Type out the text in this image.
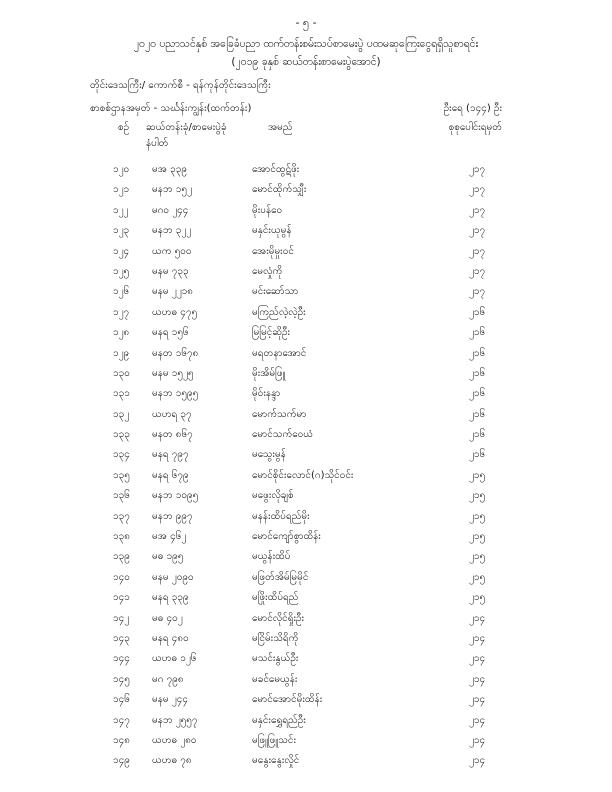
- ၅ -
၂၀၂၀ ပညာသင်နှစ် အခြေခံပညာ ထက်တန်းစမ်းသပ်စာမေးပွဲ ပထမဆုကြေးငွေရရှိသူစာရင်း
(၂၀၁၉ ခုနှစ် ဆယ်တန်းစာမေးပွဲအောင်)
တိုင်းဒေသကြီး/ ကောက်စီ - ရန်ကုန်တိုင်းဒေသကြီး
စာစစ်ဌာနအမှတ် - သင်္ဃန်းကျွန်း(ထက်တန်း)	ဦးရေ (၁၄၄) ဦး
စဉ် ဆယ်တန်းခုံ/စာမေးပွဲခုံ
နံပါတ်
အမည်	စုစုပေါင်းရမှတ်
၁၂၀ မအ ၃၃၉	အောင်ထွဋ်ဖိုး	၂၁၇
၁၂၁ မနဘ ၁၅၂	မောင်ထိုက်သျှီး	၂၁၇
၁၂၂ မဂဝ ၂၄၄	မိုးပန်ဝေ	၂၁၇
၁၂၃ မနဘ ၃၂၂	မနှင်းယုမွန်	၂၁၇
၁၂၄ ယက ၅၀၀	အေးမိုမှုးဝင်	၂၁၇
၁၂၅ မနမ ၇၃၃	မေလှုံကို	၂၁၇
၁၂၆ မနမ ၂၂၁၈	မင်းဆော်သာ	၂၁၇
၁၂၇ ယဟဓ ၄၇၅	မကြည်လဲ့လဲ့ဦး	၂၁၆
၁၂၈ မနရ ၁၅၆	မြမြင့်ဆိုဦး	၂၁၆
၁၂၉ မနတ ၁၆၇၈	မရတနာအောင်	၂၁၆
၁၃၀ မနမ ၁၅၂၅	မိုးအိမ်ဖြူ	၂၁၆
၁၃၁ မနဘ ၁၅၉၅	မိုဝ်းနန္ဒာ	၂၁၆
၁၃၂ ယဟရ ၃၇	မောက်သက်မာ	၂၁၆
၁၃၃ မနတ ၈၆၇	မောင်သက်ဝေယံ	၂၁၆
၁၃၄ မနရ ၇၉၇	မသွေးမွန်	၂၁၆
၁၃၅ မနရ ၆၇၉	မောင်စိုင်းလောင်(ဂ)သိုင်ဝင်း	၂၁၅
၁၃၆ မနဘ ၁၀၉၅	မဖွေးလိုချစ်	၂၁၅
၁၃၇ မနဘ ၉၉၇	မနန်းထိပ်ရည်မိုး	၂၁၅
၁၃၈ မအ ၄၆၂	မောင်ကျော်စွာထိန်း	၂၁၅
၁၃၉ မဓ ၁၉၅	မယွန်းထိပ်	၂၁၅
၁၄၀ မနမ ၂၀၉၀	မဖြတ်အိမ်မြမိုင်	၂၁၅
၁၄၁ မနရ ၃၃၉	မဖြိုးထိပ်ရည်	၂၁၅
၁၄၂ မဓ ၄၀၂	မောင်လိုင်ရှိုးဦး	၂၁၄
၁၄၃ မနရ ၄၈၀	မငြိမ်းသိရိကို	၂၁၄
၁၄၄ ယဟဓ ၁၂၆	မသင်းနွယ်ဦး	၂၁၄
၁၄၅ မဂ ၇၉၈	မခင်မေယွန်း	၂၁၄
၁၄၆ မနမ ၂၄၄	မောင်အောင်မိုးထိန်း	၂၁၄
၁၄၇ မနဘ ၂၅၅၇	မနှင်းရွှေရည်ဦး	၂၁၄
၁၄၈ ယဟဓ ၂၈၀	မဖြူဖြူသင်း	၂၁၄
၁၄၉ ယဟဓ ၇၈	မနွေးနွေးလှိုင်	၂၁၄
